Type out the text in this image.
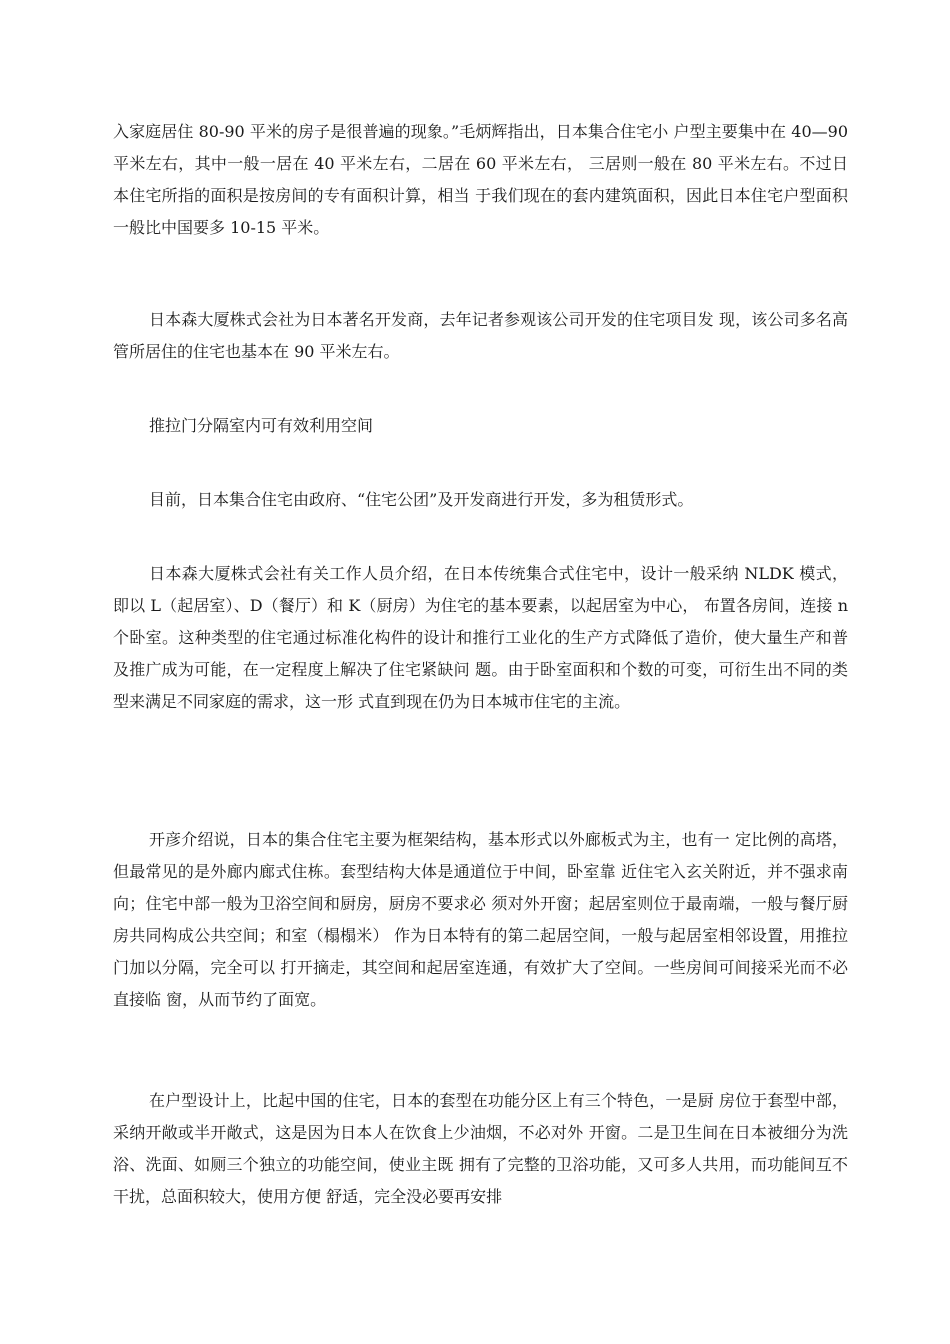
入家庭居住 80-90 平米的房子是很普遍的现象。”毛炳辉指出，日本集合住宅小 户型主要集中在 40—90 平米左右，其中一般一居在 40 平米左右，二居在 60 平米左右， 三居则一般在 80 平米左右。不过日本住宅所指的面积是按房间的专有面积计算，相当 于我们现在的套内建筑面积，因此日本住宅户型面积一般比中国要多 10-15 平米。

日本森大厦株式会社为日本著名开发商，去年记者参观该公司开发的住宅项目发 现，该公司多名高管所居住的住宅也基本在 90 平米左右。

推拉门分隔室内可有效利用空间

目前，日本集合住宅由政府、“住宅公团”及开发商进行开发，多为租赁形式。

日本森大厦株式会社有关工作人员介绍，在日本传统集合式住宅中，设计一般采纳 NLDK 模式，即以 L（起居室）、D（餐厅）和 K（厨房）为住宅的基本要素，以起居室为中心， 布置各房间，连接 n 个卧室。这种类型的住宅通过标准化构件的设计和推行工业化的生产方式降低了造价，使大量生产和普及推广成为可能，在一定程度上解决了住宅紧缺问 题。由于卧室面积和个数的可变，可衍生出不同的类型来满足不同家庭的需求，这一形 式直到现在仍为日本城市住宅的主流。

开彦介绍说，日本的集合住宅主要为框架结构，基本形式以外廊板式为主，也有一 定比例的高塔，但最常见的是外廊内廊式住栋。套型结构大体是通道位于中间，卧室靠 近住宅入玄关附近，并不强求南向；住宅中部一般为卫浴空间和厨房，厨房不要求必 须对外开窗；起居室则位于最南端，一般与餐厅厨房共同构成公共空间；和室（榻榻米） 作为日本特有的第二起居空间，一般与起居室相邻设置，用推拉门加以分隔，完全可以 打开摘走，其空间和起居室连通，有效扩大了空间。一些房间可间接采光而不必直接临 窗，从而节约了面宽。

在户型设计上，比起中国的住宅，日本的套型在功能分区上有三个特色，一是厨 房位于套型中部，采纳开敞或半开敞式，这是因为日本人在饮食上少油烟，不必对外 开窗。二是卫生间在日本被细分为洗浴、洗面、如厕三个独立的功能空间，使业主既 拥有了完整的卫浴功能，又可多人共用，而功能间互不干扰，总面积较大，使用方便 舒适，完全没必要再安排
